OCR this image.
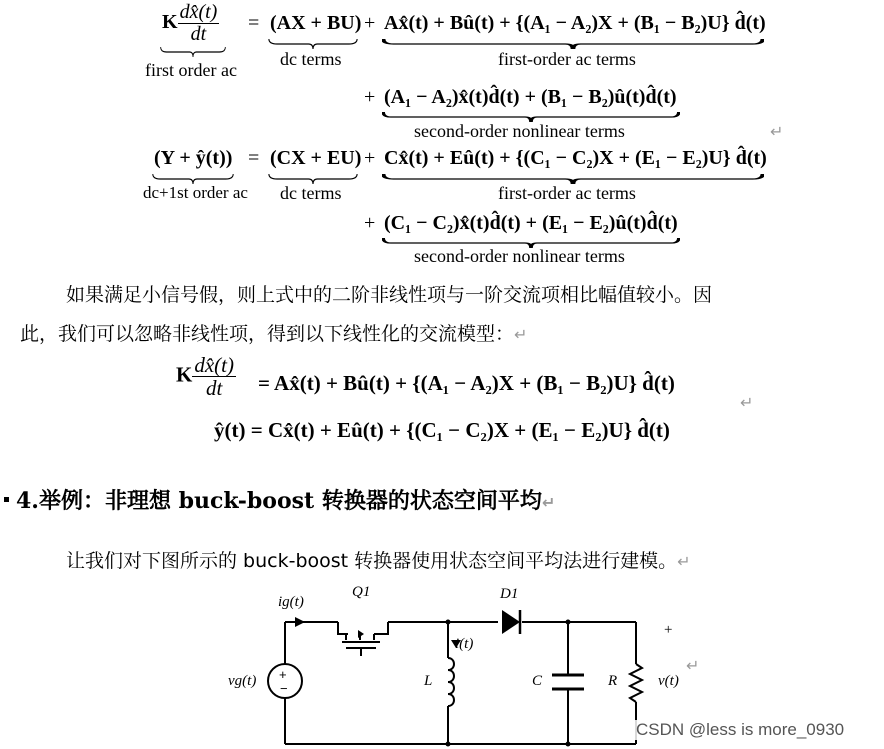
K $\frac{dx̂(t)}{dt}$
first order ac
= (AX + BU)
dc terms
+ Ax̂(t) + Bû(t) + {(A₁ − A₂)X + (B₁ − B₂)U} d̂(t)
first-order ac terms
+ (A₁ − A₂)x̂(t)d̂(t) + (B₁ − B₂)û(t)d̂(t)
second-order nonlinear terms	↵
(Y + ŷ(t))
dc+1st order ac
= (CX + EU)
dc terms
+ Cx̂(t) + Eû(t) + {(C₁ − C₂)X + (E₁ − E₂)U} d̂(t)
first-order ac terms
+ (C₁ − C₂)x̂(t)d̂(t) + (E₁ − E₂)û(t)d̂(t)
second-order nonlinear terms
如果满足小信号假，则上式中的二阶非线性项与一阶交流项相比幅值较小。因
此，我们可以忽略非线性项，得到以下线性化的交流模型：↵
K $\frac{dx̂(t)}{dt}$ = Ax̂(t) + Bû(t) + {(A₁ − A₂)X + (B₁ − B₂)U} d̂(t)
↵
ŷ(t) = Cx̂(t) + Eû(t) + {(C₁ − C₂)X + (E₁ − E₂)U} d̂(t)
4.举例：非理想 buck-boost 转换器的状态空间平均↵
让我们对下图所示的 buck-boost 转换器使用状态空间平均法进行建模。↵
+
−
ig(t)
Q1	D1
+
i(t)
vg(t)	L	C	R	v(t)
↵
CSDN @less is more_0930
